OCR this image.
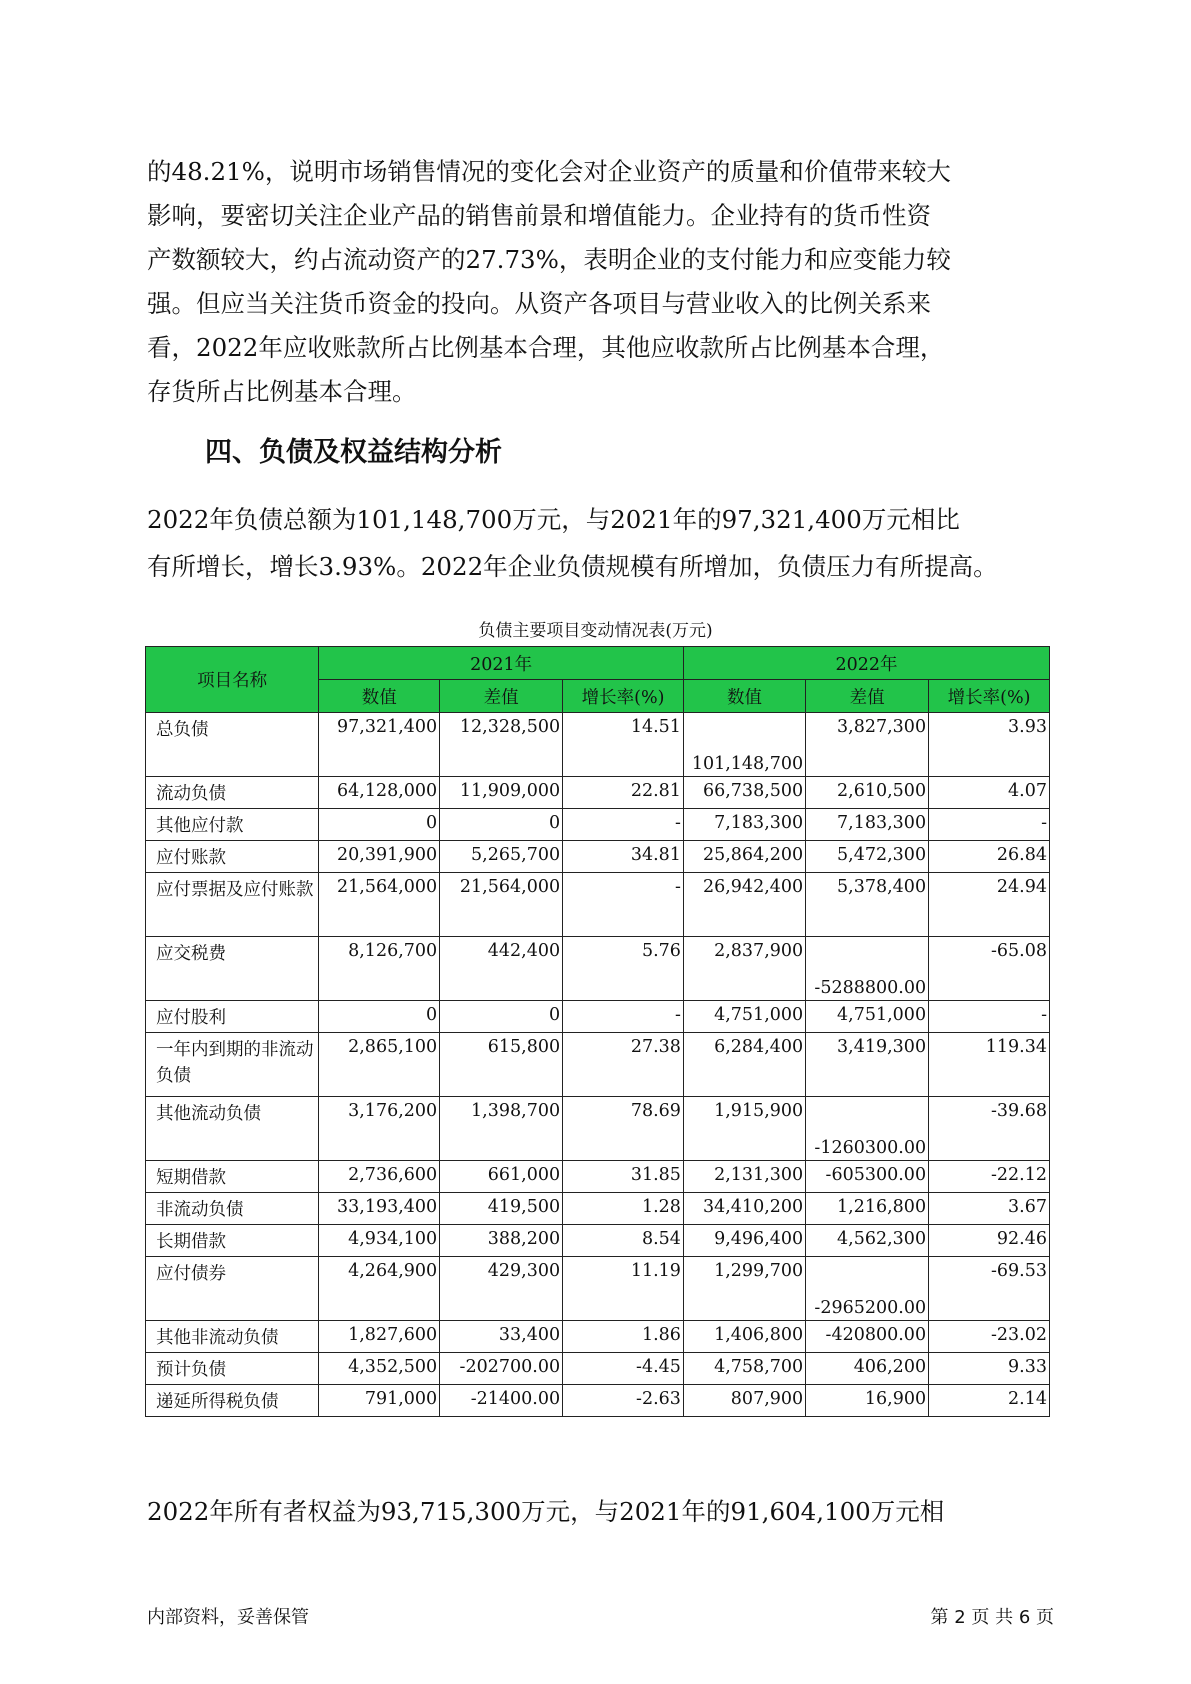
的48.21%，说明市场销售情况的变化会对企业资产的质量和价值带来较大
影响，要密切关注企业产品的销售前景和增值能力。企业持有的货币性资
产数额较大，约占流动资产的27.73%，表明企业的支付能力和应变能力较
强。但应当关注货币资金的投向。从资产各项目与营业收入的比例关系来
看，2022年应收账款所占比例基本合理，其他应收款所占比例基本合理，
存货所占比例基本合理。
四、负债及权益结构分析
2022年负债总额为101,148,700万元，与2021年的97,321,400万元相比
有所增长，增长3.93%。2022年企业负债规模有所增加，负债压力有所提高。
负债主要项目变动情况表(万元)
项目名称	2021年			2022年		
	数值	差值	增长率(%)	数值	差值	增长率(%)
总负债	97,321,400	12,328,500	14.51	101,148,700	3,827,300	3.93
流动负债	64,128,000	11,909,000	22.81	66,738,500	2,610,500	4.07
其他应付款	0	0	-	7,183,300	7,183,300	-
应付账款	20,391,900	5,265,700	34.81	25,864,200	5,472,300	26.84
应付票据及应付账款	21,564,000	21,564,000	-	26,942,400	5,378,400	24.94
应交税费	8,126,700	442,400	5.76	2,837,900	-5288800.00	-65.08
应付股利	0	0	-	4,751,000	4,751,000	-
一年内到期的非流动负债	2,865,100	615,800	27.38	6,284,400	3,419,300	119.34
其他流动负债	3,176,200	1,398,700	78.69	1,915,900	-1260300.00	-39.68
短期借款	2,736,600	661,000	31.85	2,131,300	-605300.00	-22.12
非流动负债	33,193,400	419,500	1.28	34,410,200	1,216,800	3.67
长期借款	4,934,100	388,200	8.54	9,496,400	4,562,300	92.46
应付债券	4,264,900	429,300	11.19	1,299,700	-2965200.00	-69.53
其他非流动负债	1,827,600	33,400	1.86	1,406,800	-420800.00	-23.02
预计负债	4,352,500	-202700.00	-4.45	4,758,700	406,200	9.33
递延所得税负债	791,000	-21400.00	-2.63	807,900	16,900	2.14
2022年所有者权益为93,715,300万元，与2021年的91,604,100万元相
内部资料，妥善保管	第 2 页 共 6 页
